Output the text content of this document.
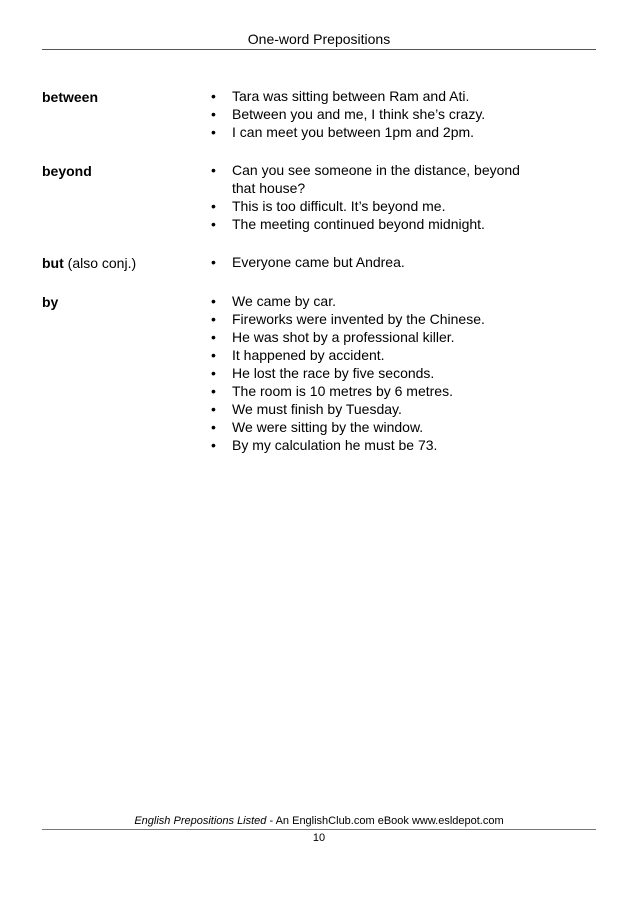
One-word Prepositions
between	• Tara was sitting between Ram and Ati.
• Between you and me, I think she’s crazy.
• I can meet you between 1pm and 2pm.
beyond	• Can you see someone in the distance, beyond that house?
• This is too difficult. It’s beyond me.
• The meeting continued beyond midnight.
but (also conj.)	• Everyone came but Andrea.
by	• We came by car.
• Fireworks were invented by the Chinese.
• He was shot by a professional killer.
• It happened by accident.
• He lost the race by five seconds.
• The room is 10 metres by 6 metres.
• We must finish by Tuesday.
• We were sitting by the window.
• By my calculation he must be 73.
English Prepositions Listed - An EnglishClub.com eBook www.esldepot.com
10
